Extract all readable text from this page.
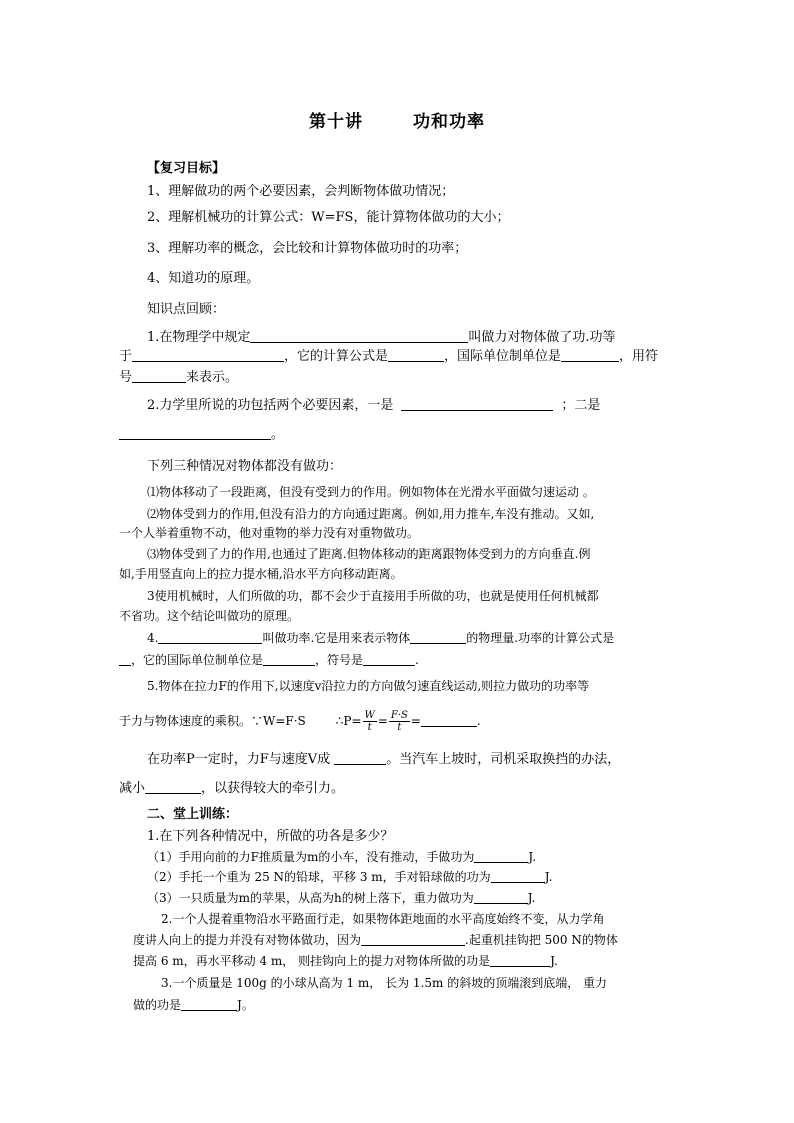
第十讲	功和功率
【复习目标】
1、理解做功的两个必要因素，会判断物体做功情况；
2、理解机械功的计算公式：W=FS，能计算物体做功的大小；
3、理解功率的概念，会比较和计算物体做功时的功率；
4、知道功的原理。
知识点回顾：
1.在物理学中规定	叫做力对物体做了功.功等
于	，它的计算公式是	，国际单位制单位是	，用符
号	来表示。
2.力学里所说的功包括两个必要因素，一是	；二是
。
下列三种情况对物体都没有做功：
⑴物体移动了一段距离，但没有受到力的作用。例如物体在光滑水平面做匀速运动 。
⑵物体受到力的作用,但没有沿力的方向通过距离。例如,用力推车,车没有推动。又如,
一个人举着重物不动，他对重物的举力没有对重物做功。
⑶物体受到了力的作用,也通过了距离.但物体移动的距离跟物体受到力的方向垂直.例
如,手用竖直向上的拉力提水桶,沿水平方向移动距离。
3使用机械时，人们所做的功，都不会少于直接用手所做的功，也就是使用任何机械都
不省功。这个结论叫做功的原理。
4.	叫做功率.它是用来表示物体	的物理量.功率的计算公式是
，它的国际单位制单位是	，符号是	.
5.物体在拉力F的作用下,以速度v沿拉力的方向做匀速直线运动,则拉力做功的功率等
于力与物体速度的乘积。∵W=F·S	∴P= $\frac{W}{t} = \frac{F\cdot S}{t}$ =	.
在功率P一定时，力F与速度V成	。当汽车上坡时，司机采取换挡的办法，
减小	，以获得较大的牵引力。
二、堂上训练：
1.在下列各种情况中，所做的功各是多少？
（1）手用向前的力F推质量为m的小车，没有推动，手做功为	J.
（2）手托一个重为 25 N的铅球，平移 3 m，手对铅球做的功为	J.
（3）一只质量为m的苹果，从高为h的树上落下，重力做功为	J.
2.一个人提着重物沿水平路面行走，如果物体距地面的水平高度始终不变，从力学角
度讲人向上的提力并没有对物体做功，因为	.起重机挂钩把 500 N的物体
提高 6 m，再水平移动 4 m， 则挂钩向上的提力对物体所做的功是	J.
3.一个质量是 100g 的小球从高为 1 m， 长为 1.5m 的斜坡的顶端滚到底端， 重力
做的功是	J。
